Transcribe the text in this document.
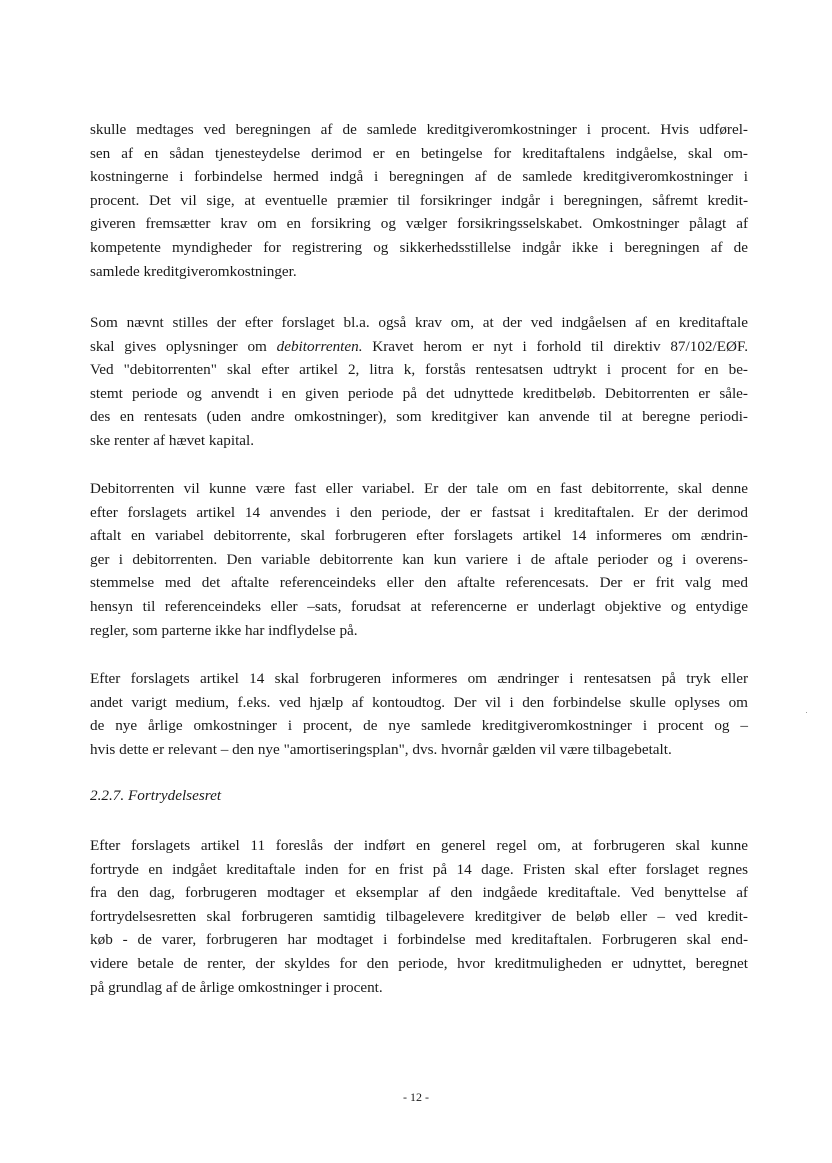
skulle medtages ved beregningen af de samlede kreditgiveromkostninger i procent. Hvis udførel-
sen af en sådan tjenesteydelse derimod er en betingelse for kreditaftalens indgåelse, skal om-
kostningerne i forbindelse hermed indgå i beregningen af de samlede kreditgiveromkostninger i
procent. Det vil sige, at eventuelle præmier til forsikringer indgår i beregningen, såfremt kredit-
giveren fremsætter krav om en forsikring og vælger forsikringsselskabet. Omkostninger pålagt af
kompetente myndigheder for registrering og sikkerhedsstillelse indgår ikke i beregningen af de
samlede kreditgiveromkostninger.
Som nævnt stilles der efter forslaget bl.a. også krav om, at der ved indgåelsen af en kreditaftale
skal gives oplysninger om debitorrenten. Kravet herom er nyt i forhold til direktiv 87/102/EØF.
Ved "debitorrenten" skal efter artikel 2, litra k, forstås rentesatsen udtrykt i procent for en be-
stemt periode og anvendt i en given periode på det udnyttede kreditbeløb. Debitorrenten er såle-
des en rentesats (uden andre omkostninger), som kreditgiver kan anvende til at beregne periodi-
ske renter af hævet kapital.
Debitorrenten vil kunne være fast eller variabel. Er der tale om en fast debitorrente, skal denne
efter forslagets artikel 14 anvendes i den periode, der er fastsat i kreditaftalen. Er der derimod
aftalt en variabel debitorrente, skal forbrugeren efter forslagets artikel 14 informeres om ændrin-
ger i debitorrenten. Den variable debitorrente kan kun variere i de aftale perioder og i overens-
stemmelse med det aftalte referenceindeks eller den aftalte referencesats. Der er frit valg med
hensyn til referenceindeks eller –sats, forudsat at referencerne er underlagt objektive og entydige
regler, som parterne ikke har indflydelse på.
Efter forslagets artikel 14 skal forbrugeren informeres om ændringer i rentesatsen på tryk eller
andet varigt medium, f.eks. ved hjælp af kontoudtog. Der vil i den forbindelse skulle oplyses om
de nye årlige omkostninger i procent, de nye samlede kreditgiveromkostninger i procent og –
hvis dette er relevant – den nye "amortiseringsplan", dvs. hvornår gælden vil være tilbagebetalt.

2.2.7. Fortrydelsesret

Efter forslagets artikel 11 foreslås der indført en generel regel om, at forbrugeren skal kunne
fortryde en indgået kreditaftale inden for en frist på 14 dage. Fristen skal efter forslaget regnes
fra den dag, forbrugeren modtager et eksemplar af den indgåede kreditaftale. Ved benyttelse af
fortrydelsesretten skal forbrugeren samtidig tilbagelevere kreditgiver de beløb eller – ved kredit-
køb - de varer, forbrugeren har modtaget i forbindelse med kreditaftalen. Forbrugeren skal end-
videre betale de renter, der skyldes for den periode, hvor kreditmuligheden er udnyttet, beregnet
på grundlag af de årlige omkostninger i procent.

- 12 -
